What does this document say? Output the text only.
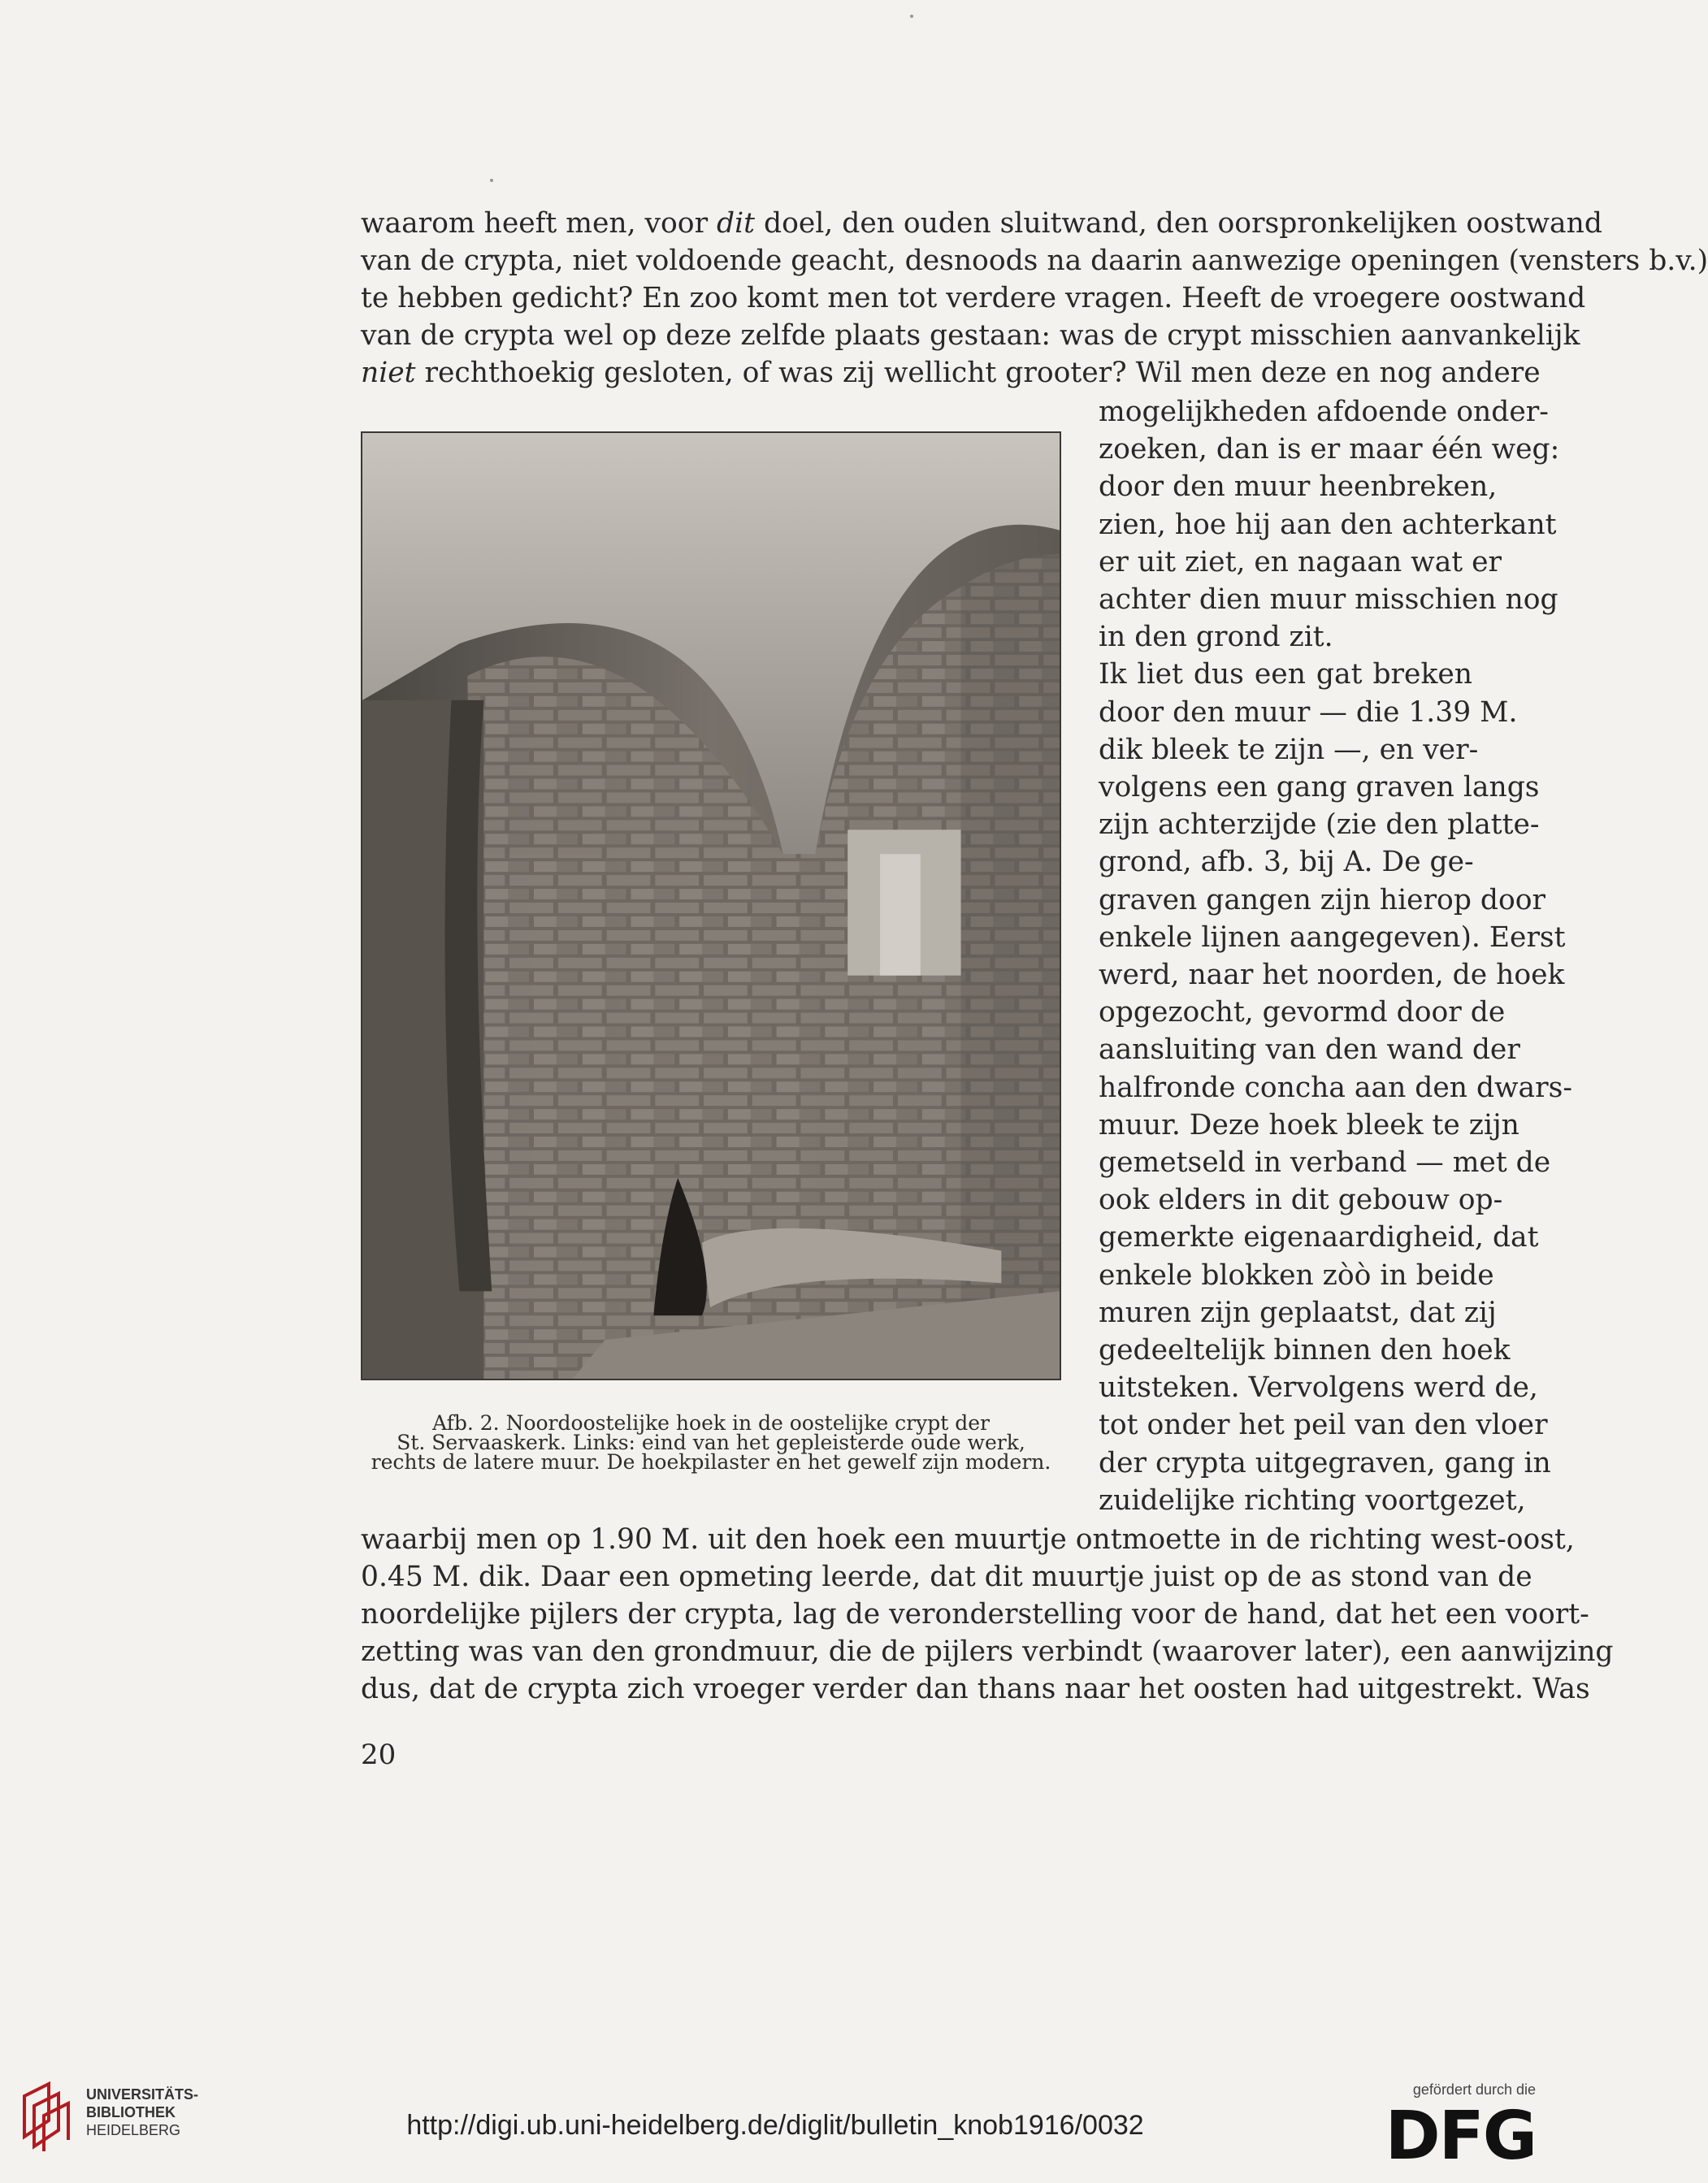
waarom heeft men, voor dit doel, den ouden sluitwand, den oorspronkelijken oostwand
van de crypta, niet voldoende geacht, desnoods na daarin aanwezige openingen (vensters b.v.)
te hebben gedicht? En zoo komt men tot verdere vragen. Heeft de vroegere oostwand
van de crypta wel op deze zelfde plaats gestaan: was de crypt misschien aanvankelijk
niet rechthoekig gesloten, of was zij wellicht grooter? Wil men deze en nog andere
mogelijkheden afdoende onder-
zoeken, dan is er maar één weg:
door den muur heenbreken,
zien, hoe hij aan den achterkant
er uit ziet, en nagaan wat er
achter dien muur misschien nog
in den grond zit.
Ik liet dus een gat breken
door den muur — die 1.39 M.
dik bleek te zijn —, en ver-
volgens een gang graven langs
zijn achterzijde (zie den platte-
grond, afb. 3, bij A. De ge-
graven gangen zijn hierop door
enkele lijnen aangegeven). Eerst
werd, naar het noorden, de hoek
opgezocht, gevormd door de
aansluiting van den wand der
halfronde concha aan den dwars-
muur. Deze hoek bleek te zijn
gemetseld in verband — met de
ook elders in dit gebouw op-
gemerkte eigenaardigheid, dat
enkele blokken zòò in beide
muren zijn geplaatst, dat zij
gedeeltelijk binnen den hoek
uitsteken. Vervolgens werd de,
tot onder het peil van den vloer
der crypta uitgegraven, gang in
zuidelijke richting voortgezet,
waarbij men op 1.90 M. uit den hoek een muurtje ontmoette in de richting west-oost,
0.45 M. dik. Daar een opmeting leerde, dat dit muurtje juist op de as stond van de
noordelijke pijlers der crypta, lag de veronderstelling voor de hand, dat het een voort-
zetting was van den grondmuur, die de pijlers verbindt (waarover later), een aanwijzing
dus, dat de crypta zich vroeger verder dan thans naar het oosten had uitgestrekt. Was
Afb. 2. Noordoostelijke hoek in de oostelijke crypt der
St. Servaaskerk. Links: eind van het gepleisterde oude werk,
rechts de latere muur. De hoekpilaster en het gewelf zijn modern.
20
UNIVERSITÄTS-
BIBLIOTHEK
HEIDELBERG	http://digi.ub.uni-heidelberg.de/diglit/bulletin_knob1916/0032
gefördert durch die
DFG
